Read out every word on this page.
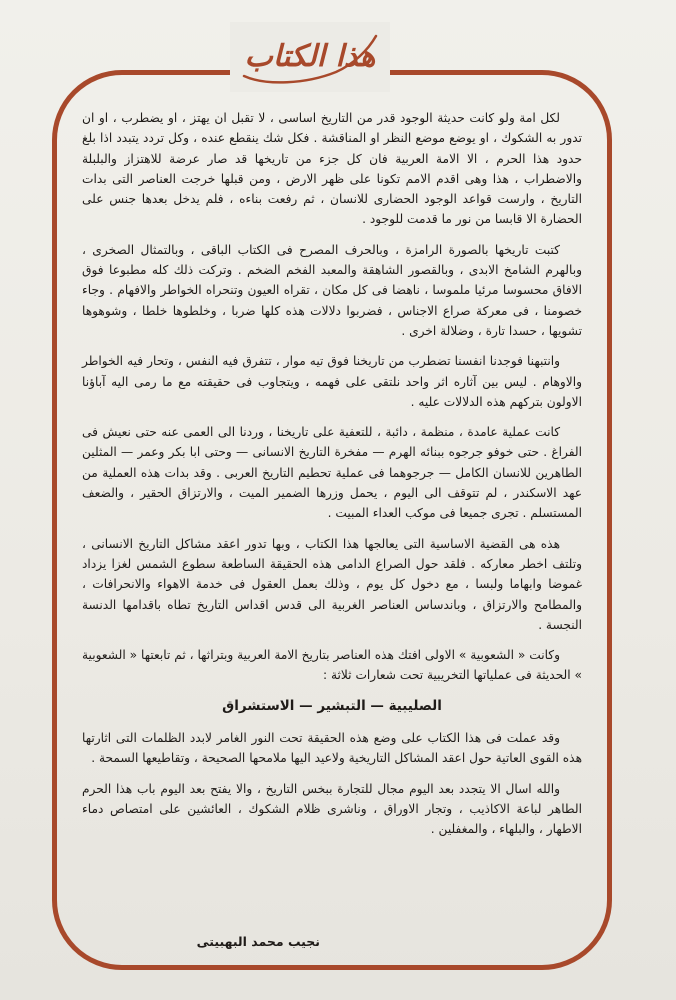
هذا الكتاب

لكل امة ولو كانت حديثة الوجود قدر من التاريخ اساسى ، لا تقبل ان يهتز ، او يضطرب ، او ان تدور به الشكوك ، او يوضع موضع النظر او المناقشة . فكل شك ينقطع عنده ، وكل تردد يتبدد اذا بلغ حدود هذا الحرم ، الا الامة العربية فان كل جزء من تاريخها قد صار عرضة للاهتزاز والبلبلة والاضطراب ، هذا وهى اقدم الامم تكونا على ظهر الارض ، ومن قبلها خرجت العناصر التى بدات التاريخ ، وارست قواعد الوجود الحضارى للانسان ، ثم رفعت بناءه ، فلم يدخل بعدها جنس على الحضارة الا قابسا من نور ما قدمت للوجود .

كتبت تاريخها بالصورة الرامزة ، وبالحرف المصرح فى الكتاب الباقى ، وبالتمثال الصخرى ، وبالهرم الشامخ الابدى ، وبالقصور الشاهقة والمعبد الفخم الضخم . وتركت ذلك كله مطبوعا فوق الافاق محسوسا مرئيا ملموسا ، ناهضا فى كل مكان ، تقراه العيون وتنحراه الخواطر والافهام . وجاء خصومنا ، فى معركة صراع الاجناس ، فضربوا دلالات هذه كلها ضربا ، وخلطوها خلطا ، وشوهوها تشويها ، حسدا تارة ، وضلالة اخرى .

وانتبهنا فوجدنا انفسنا تضطرب من تاريخنا فوق تيه موار ، تتفرق فيه النفس ، وتحار فيه الخواطر والاوهام . ليس بين آثاره اثر واحد نلتقى على فهمه ، ويتجاوب فى حقيقته مع ما رمى اليه آباؤنا الاولون بتركهم هذه الدلالات عليه .

كانت عملية عامدة ، منظمة ، دائبة ، للتعفية على تاريخنا ، وردنا الى العمى عنه حتى نعيش فى الفراغ . حتى خوفو جرجوه ببنائه الهرم — مفخرة التاريخ الانسانى — وحتى ابا بكر وعمر — المثلين الطاهرين للانسان الكامل — جرجوهما فى عملية تحطيم التاريخ العربى . وقد بدات هذه العملية من عهد الاسكندر ، لم تتوقف الى اليوم ، يحمل وزرها الضمير الميت ، والارتزاق الحقير ، والضعف المستسلم . تجرى جميعا فى موكب العداء المبيت .

هذه هى القضية الاساسية التى يعالجها هذا الكتاب ، وبها تدور اعقد مشاكل التاريخ الانسانى ، وتلتف اخطر معاركه . فلقد حول الصراع الدامى هذه الحقيقة الساطعة سطوع الشمس لغزا يزداد غموضا وابهاما ولبسا ، مع دخول كل يوم ، وذلك بعمل العقول فى خدمة الاهواء والانحرافات ، والمطامح والارتزاق ، وباندساس العناصر الغربية الى قدس اقداس التاريخ تطاه باقدامها الدنسة النجسة .

وكانت « الشعوبية » الاولى افتك هذه العناصر بتاريخ الامة العربية وبتراثها ، ثم تابعتها « الشعوبية » الحديثة فى عملياتها التخريبية تحت شعارات ثلاثة :

الصليبية — التبشير — الاستشراق

وقد عملت فى هذا الكتاب على وضع هذه الحقيقة تحت النور الغامر لابدد الظلمات التى اثارتها هذه القوى العاتية حول اعقد المشاكل التاريخية ولاعيد اليها ملامحها الصحيحة ، وتقاطيعها السمحة .

والله اسال الا يتجدد بعد اليوم مجال للتجارة ببخس التاريخ ، والا يفتح بعد اليوم باب هذا الحرم الطاهر لباعة الاكاذيب ، وتجار الاوراق ، وناشرى ظلام الشكوك ، العائشين على امتصاص دماء الاطهار ، والبلهاء ، والمغفلين .

نجيب محمد البهبيتى
